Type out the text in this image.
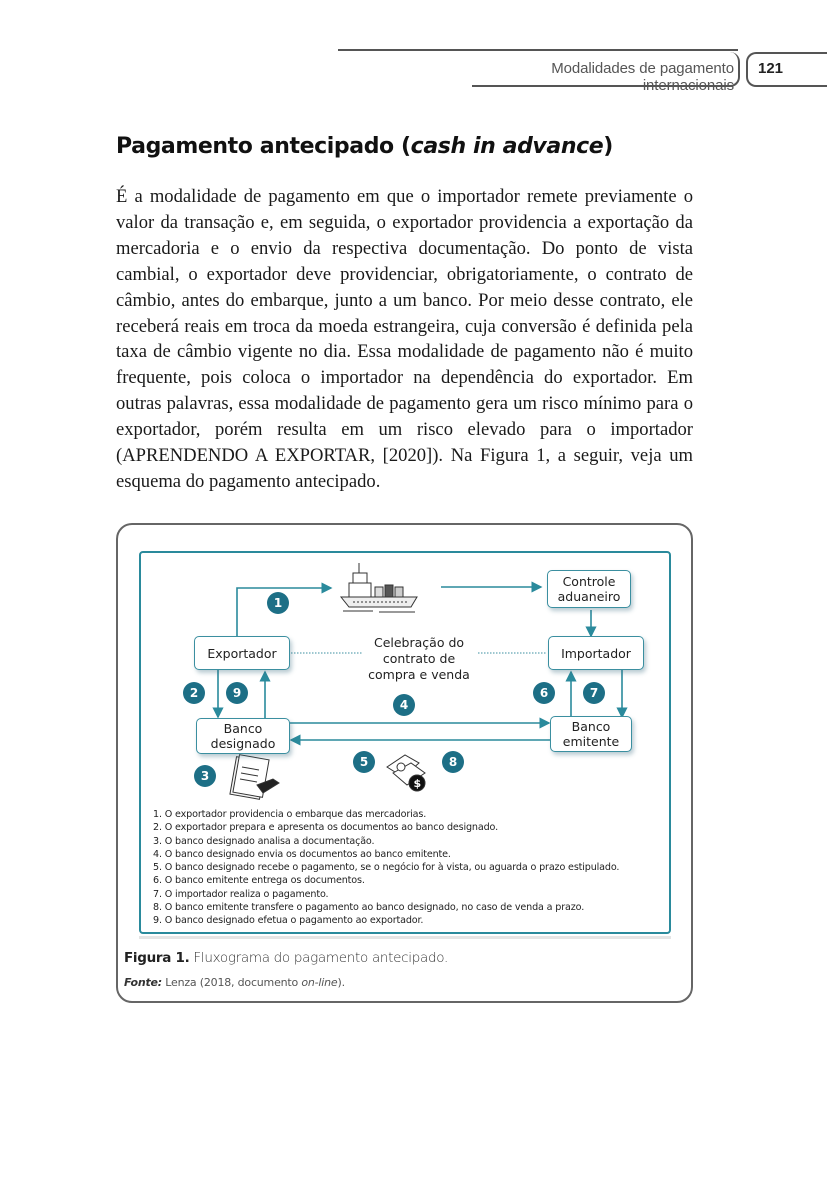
Modalidades de pagamento internacionais
121
Pagamento antecipado (cash in advance)

É a modalidade de pagamento em que o importador remete previamente o valor da transação e, em seguida, o exportador providencia a exportação da mercadoria e o envio da respectiva documentação. Do ponto de vista cambial, o exportador deve providenciar, obrigatoriamente, o contrato de câmbio, antes do embarque, junto a um banco. Por meio desse contrato, ele receberá reais em troca da moeda estrangeira, cuja conversão é definida pela taxa de câmbio vigente no dia. Essa modalidade de pagamento não é muito frequente, pois coloca o importador na dependência do exportador. Em outras palavras, essa modalidade de pagamento gera um risco mínimo para o exportador, porém resulta em um risco elevado para o importador (APRENDENDO A EXPORTAR, [2020]). Na Figura 1, a seguir, veja um esquema do pagamento antecipado.

$
Exportador	Importador
Controle
aduaneiro
Banco
designado
Banco
emitente
Celebração do
contrato de
compra e venda
1
2
3
4
5
6	7
8
9
1. O exportador providencia o embarque das mercadorias.
2. O exportador prepara e apresenta os documentos ao banco designado.
3. O banco designado analisa a documentação.
4. O banco designado envia os documentos ao banco emitente.
5. O banco designado recebe o pagamento, se o negócio for à vista, ou aguarda o prazo estipulado.
6. O banco emitente entrega os documentos.
7. O importador realiza o pagamento.
8. O banco emitente transfere o pagamento ao banco designado, no caso de venda a prazo.
9. O banco designado efetua o pagamento ao exportador.
Figura 1. Fluxograma do pagamento antecipado.
Fonte: Lenza (2018, documento on-line).
